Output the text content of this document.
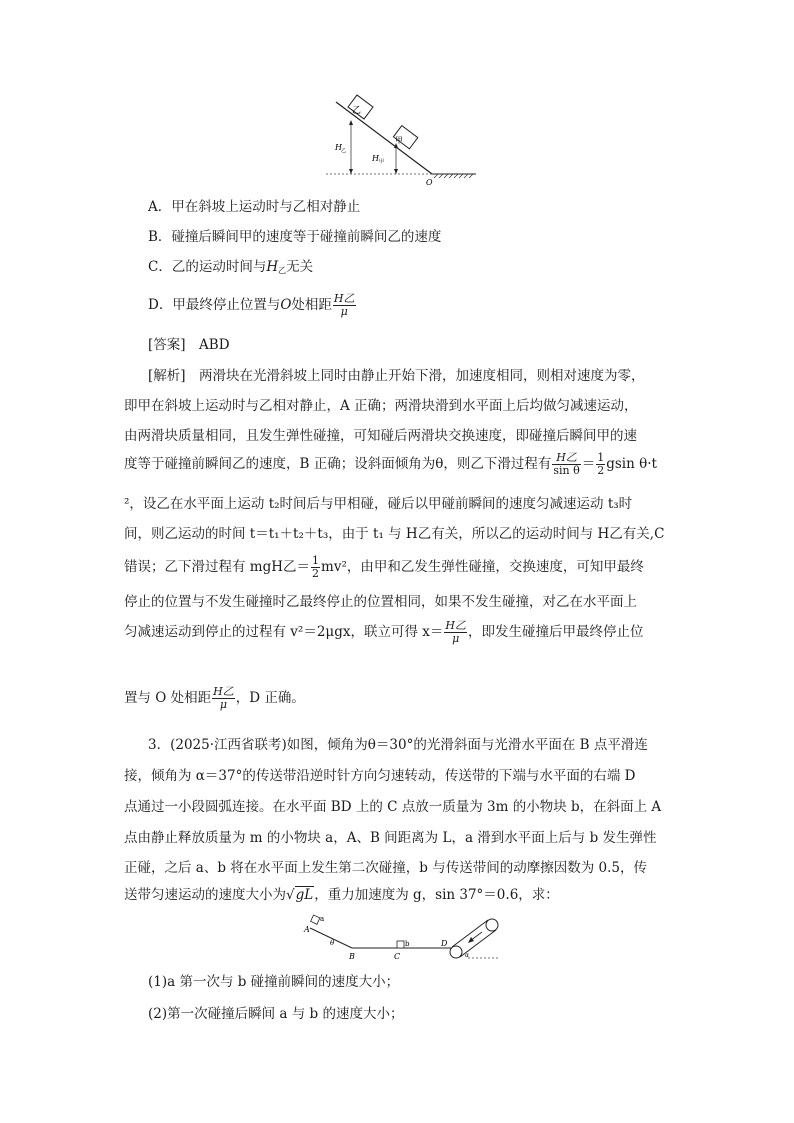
乙
甲
H 乙
H 甲
O
A．甲在斜坡上运动时与乙相对静止
B．碰撞后瞬间甲的速度等于碰撞前瞬间乙的速度
C．乙的运动时间与$H_乙$无关
D．甲最终停止位置与O处相距 $\frac{\text{H乙}}{\mu}$
[答案]　ABD
[解析]　两滑块在光滑斜坡上同时由静止开始下滑，加速度相同，则相对速度为零，
即甲在斜坡上运动时与乙相对静止，A 正确；两滑块滑到水平面上后均做匀减速运动，
由两滑块质量相同，且发生弹性碰撞，可知碰后两滑块交换速度，即碰撞后瞬间甲的速
度等于碰撞前瞬间乙的速度，B 正确；设斜面倾角为θ，则乙下滑过程有 $\frac{\text{H乙}}{\text{sin θ}} = \frac{1}{2}$ gsin θ·t
²，设乙在水平面上运动 t₂时间后与甲相碰，碰后以甲碰前瞬间的速度匀减速运动 t₃时
间，则乙运动的时间 t＝t₁＋t₂＋t₃，由于 t₁ 与 H乙有关，所以乙的运动时间与 H乙有关,C
错误；乙下滑过程有 mgH乙＝ $\frac{1}{2} mv^2$，由甲和乙发生弹性碰撞，交换速度，可知甲最终
停止的位置与不发生碰撞时乙最终停止的位置相同，如果不发生碰撞，对乙在水平面上
匀减速运动到停止的过程有 v²＝2μgx，联立可得 $x= \frac{\text{H乙}}{\mu}$ ，即发生碰撞后甲最终停止位
置与 O 处相距 $\frac{\text{H乙}}{\mu}$ ，D 正确。
3．(2025·江西省联考)如图，倾角为θ＝30°的光滑斜面与光滑水平面在 B 点平滑连
接，倾角为 α＝37°的传送带沿逆时针方向匀速转动，传送带的下端与水平面的右端 D
点通过一小段圆弧连接。在水平面 BD 上的 C 点放一质量为 3m 的小物块 b，在斜面上 A
点由静止释放质量为 m 的小物块 a，A、B 间距离为 L，a 滑到水平面上后与 b 发生弹性
正碰，之后 a、b 将在水平面上发生第二次碰撞，b 与传送带间的动摩擦因数为 0.5，传
送带匀速运动的速度大小为√gL，重力加速度为 g，sin 37°＝0.6，求：
a
A
θ
B
b
C
D
α
(1)a 第一次与 b 碰撞前瞬间的速度大小；
(2)第一次碰撞后瞬间 a 与 b 的速度大小；
